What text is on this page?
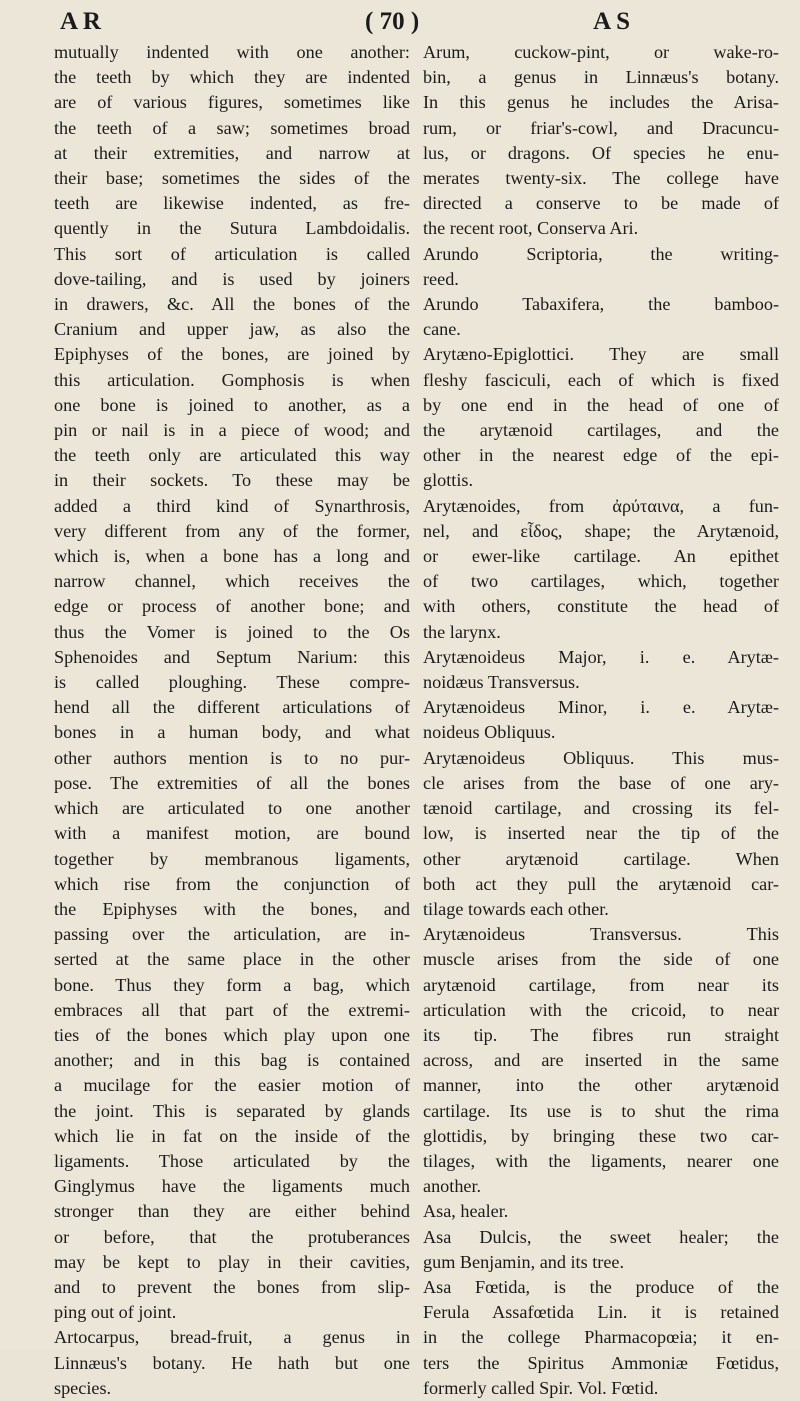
A R	( 70 )	A S
mutually indented with one another:
the teeth by which they are indented
are of various figures, sometimes like
the teeth of a saw; sometimes broad
at their extremities, and narrow at
their base; sometimes the sides of the
teeth are likewise indented, as fre-
quently in the Sutura Lambdoidalis.
This sort of articulation is called
dove-tailing, and is used by joiners
in drawers, &c. All the bones of the
Cranium and upper jaw, as also the
Epiphyses of the bones, are joined by
this articulation. Gomphosis is when
one bone is joined to another, as a
pin or nail is in a piece of wood; and
the teeth only are articulated this way
in their sockets. To these may be
added a third kind of Synarthrosis,
very different from any of the former,
which is, when a bone has a long and
narrow channel, which receives the
edge or process of another bone; and
thus the Vomer is joined to the Os
Sphenoides and Septum Narium: this
is called ploughing. These compre-
hend all the different articulations of
bones in a human body, and what
other authors mention is to no pur-
pose. The extremities of all the bones
which are articulated to one another
with a manifest motion, are bound
together by membranous ligaments,
which rise from the conjunction of
the Epiphyses with the bones, and
passing over the articulation, are in-
serted at the same place in the other
bone. Thus they form a bag, which
embraces all that part of the extremi-
ties of the bones which play upon one
another; and in this bag is contained
a mucilage for the easier motion of
the joint. This is separated by glands
which lie in fat on the inside of the
ligaments. Those articulated by the
Ginglymus have the ligaments much
stronger than they are either behind
or before, that the protuberances
may be kept to play in their cavities,
and to prevent the bones from slip-
ping out of joint.
Artocarpus, bread-fruit, a genus in
Linnæus's botany. He hath but one
species.
Arum, cuckow-pint, or wake-ro-
bin, a genus in Linnæus's botany.
In this genus he includes the Arisa-
rum, or friar's-cowl, and Dracuncu-
lus, or dragons. Of species he enu-
merates twenty-six. The college have
directed a conserve to be made of
the recent root, Conserva Ari.
Arundo Scriptoria, the writing-
reed.
Arundo Tabaxifera, the bamboo-
cane.
Arytæno-Epiglottici. They are small
fleshy fasciculi, each of which is fixed
by one end in the head of one of
the arytænoid cartilages, and the
other in the nearest edge of the epi-
glottis.
Arytænoides, from ἀρύταινα, a fun-
nel, and εἶδος, shape; the Arytænoid,
or ewer-like cartilage. An epithet
of two cartilages, which, together
with others, constitute the head of
the larynx.
Arytænoideus Major, i. e. Arytæ-
noidæus Transversus.
Arytænoideus Minor, i. e. Arytæ-
noideus Obliquus.
Arytænoideus Obliquus. This mus-
cle arises from the base of one ary-
tænoid cartilage, and crossing its fel-
low, is inserted near the tip of the
other arytænoid cartilage. When
both act they pull the arytænoid car-
tilage towards each other.
Arytænoideus Transversus. This
muscle arises from the side of one
arytænoid cartilage, from near its
articulation with the cricoid, to near
its tip. The fibres run straight
across, and are inserted in the same
manner, into the other arytænoid
cartilage. Its use is to shut the rima
glottidis, by bringing these two car-
tilages, with the ligaments, nearer one
another.
Asa, healer.
Asa Dulcis, the sweet healer; the
gum Benjamin, and its tree.
Asa Fœtida, is the produce of the
Ferula Assafœtida Lin. it is retained
in the college Pharmacopœia; it en-
ters the Spiritus Ammoniæ Fœtidus,
formerly called Spir. Vol. Fœtid.
